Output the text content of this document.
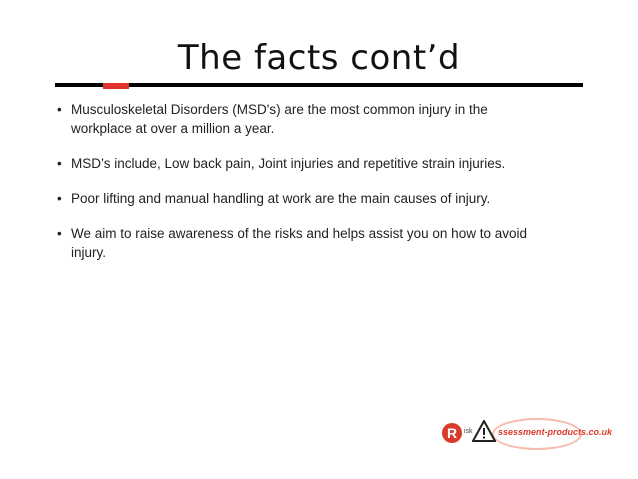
The facts cont’d
• Musculoskeletal Disorders (MSD's) are the most common injury in the
workplace at over a million a year.
• MSD’s include, Low back pain, Joint injuries and repetitive strain injuries.
• Poor lifting and manual handling at work are the main causes of injury.
• We aim to raise awareness of the risks and helps assist you on how to avoid
injury.
R isk	ssessment-products.co.uk
